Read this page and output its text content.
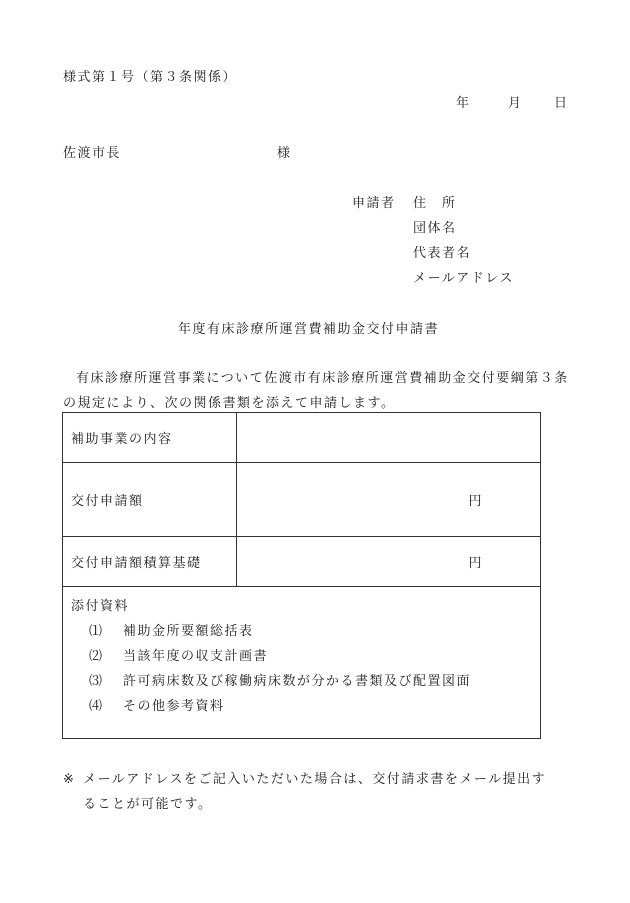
様式第１号（第３条関係）
年	月 日
佐渡市長	様
申請者 住　所
団体名
代表者名
メールアドレス
年度有床診療所運営費補助金交付申請書
有床診療所運営事業について佐渡市有床診療所運営費補助金交付要綱第３条の規定により、次の関係書類を添えて申請します。
補助事業の内容	
交付申請額	円
交付申請額積算基礎	円

添付資料
⑴ 補助金所要額総括表
⑵ 当該年度の収支計画書
⑶ 許可病床数及び稼働病床数が分かる書類及び配置図面
⑷ その他参考資料	
※ メールアドレスをご記入いただいた場合は、交付請求書をメール提出す
ることが可能です。
